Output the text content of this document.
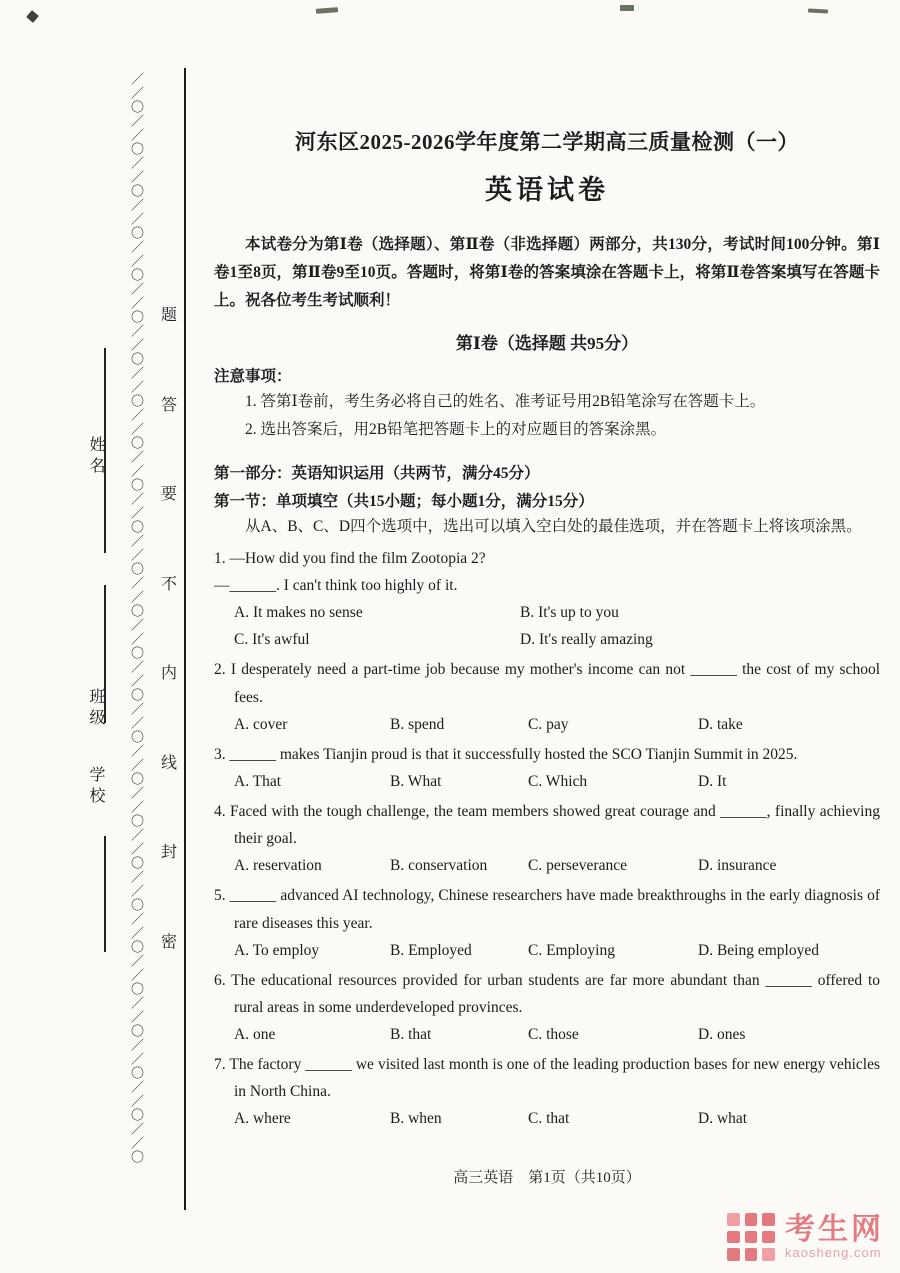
／／〇／／〇／／〇／／〇／／〇／／〇／／〇／／〇／／〇／／〇／／〇／／〇／／〇／／〇／／〇／／〇／／〇／／〇／／〇／／〇／／〇／／〇／／〇／／〇／／〇／／〇 题
答
要
不
内
线
封
密
姓名
班级
学校
河东区2025-2026学年度第二学期高三质量检测（一）
英语试卷
本试卷分为第Ⅰ卷（选择题）、第Ⅱ卷（非选择题）两部分，共130分，考试时间100分钟。第Ⅰ卷1至8页，第Ⅱ卷9至10页。答题时，将第Ⅰ卷的答案填涂在答题卡上，将第Ⅱ卷答案填写在答题卡上。祝各位考生考试顺利！
第Ⅰ卷（选择题 共95分）
注意事项：
1. 答第Ⅰ卷前，考生务必将自己的姓名、准考证号用2B铅笔涂写在答题卡上。
2. 选出答案后，用2B铅笔把答题卡上的对应题目的答案涂黑。
第一部分：英语知识运用（共两节，满分45分）
第一节：单项填空（共15小题；每小题1分，满分15分）
从A、B、C、D四个选项中，选出可以填入空白处的最佳选项，并在答题卡上将该项涂黑。
1. —How did you find the film Zootopia 2?
—______. I can't think too highly of it.
A. It makes no sense	B. It's up to you
C. It's awful	D. It's really amazing
2. I desperately need a part-time job because my mother's income can not ______ the cost of my school fees.
A. cover	B. spend	C. pay	D. take
3. ______ makes Tianjin proud is that it successfully hosted the SCO Tianjin Summit in 2025.
A. That	B. What	C. Which	D. It
4. Faced with the tough challenge, the team members showed great courage and ______, finally achieving their goal.
A. reservation	B. conservation	C. perseverance	D. insurance
5. ______ advanced AI technology, Chinese researchers have made breakthroughs in the early diagnosis of rare diseases this year.
A. To employ	B. Employed	C. Employing	D. Being employed
6. The educational resources provided for urban students are far more abundant than ______ offered to rural areas in some underdeveloped provinces.
A. one	B. that	C. those	D. ones
7. The factory ______ we visited last month is one of the leading production bases for new energy vehicles in North China.
A. where	B. when	C. that	D. what
高三英语　第1页（共10页）
考生网
kaosheng.com
